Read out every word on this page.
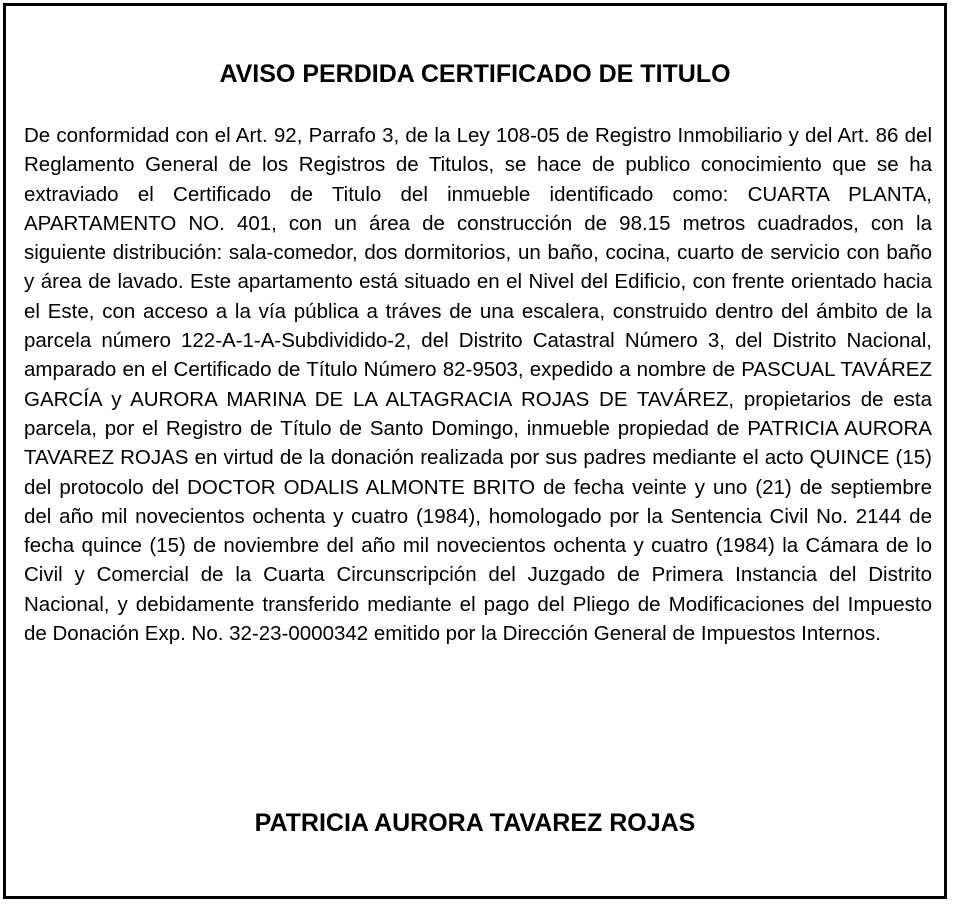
AVISO PERDIDA CERTIFICADO DE TITULO

De conformidad con el Art. 92, Parrafo 3, de la Ley 108-05 de Registro Inmobiliario y del Art. 86 del Reglamento General de los Registros de Titulos, se hace de publico conocimiento que se ha extraviado el Certificado de Titulo del inmueble identificado como: CUARTA PLANTA, APARTAMENTO NO. 401, con un área de construcción de 98.15 metros cuadrados, con la siguiente distribución: sala-comedor, dos dormitorios, un baño, cocina, cuarto de servicio con baño y área de lavado. Este apartamento está situado en el Nivel del Edificio, con frente orientado hacia el Este, con acceso a la vía pública a tráves de una escalera, construido dentro del ámbito de la parcela número 122-A-1-A-Subdividido-2, del Distrito Catastral Número 3, del Distrito Nacional, amparado en el Certificado de Título Número 82-9503, expedido a nombre de PASCUAL TAVÁREZ GARCÍA y AURORA MARINA DE LA ALTAGRACIA ROJAS DE TAVÁREZ, propietarios de esta parcela, por el Registro de Título de Santo Domingo, inmueble propiedad de PATRICIA AURORA TAVAREZ ROJAS en virtud de la donación realizada por sus padres mediante el acto QUINCE (15) del protocolo del DOCTOR ODALIS ALMONTE BRITO de fecha veinte y uno (21) de septiembre del año mil novecientos ochenta y cuatro (1984), homologado por la Sentencia Civil No. 2144 de fecha quince (15) de noviembre del año mil novecientos ochenta y cuatro (1984) la Cámara de lo Civil y Comercial de la Cuarta Circunscripción del Juzgado de Primera Instancia del Distrito Nacional, y debidamente transferido mediante el pago del Pliego de Modificaciones del Impuesto de Donación Exp. No. 32-23-0000342 emitido por la Dirección General de Impuestos Internos.

PATRICIA AURORA TAVAREZ ROJAS
